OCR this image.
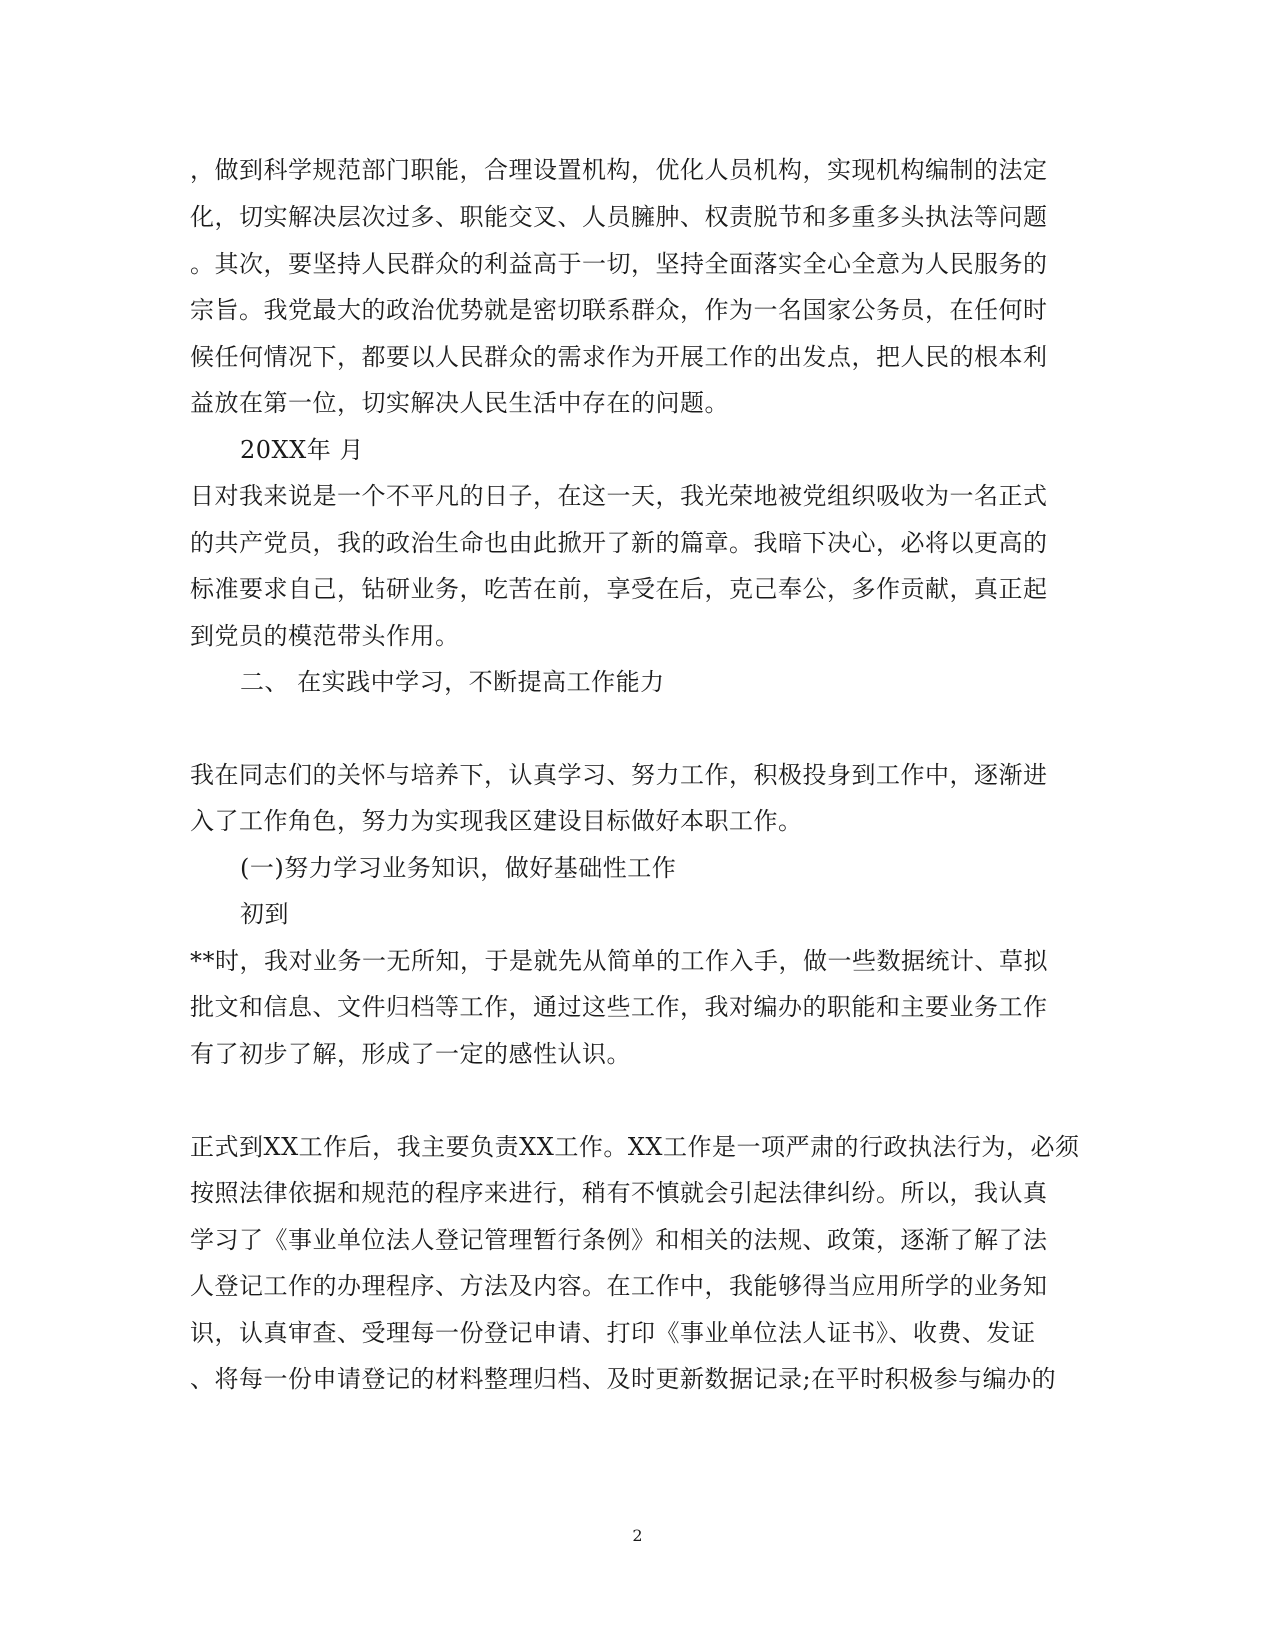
，做到科学规范部门职能，合理设置机构，优化人员机构，实现机构编制的法定
化，切实解决层次过多、职能交叉、人员臃肿、权责脱节和多重多头执法等问题
。其次，要坚持人民群众的利益高于一切，坚持全面落实全心全意为人民服务的
宗旨。我党最大的政治优势就是密切联系群众，作为一名国家公务员，在任何时
候任何情况下，都要以人民群众的需求作为开展工作的出发点，把人民的根本利
益放在第一位，切实解决人民生活中存在的问题。
20XX年 月
日对我来说是一个不平凡的日子，在这一天，我光荣地被党组织吸收为一名正式
的共产党员，我的政治生命也由此掀开了新的篇章。我暗下决心，必将以更高的
标准要求自己，钻研业务，吃苦在前，享受在后，克己奉公，多作贡献，真正起
到党员的模范带头作用。
二、 在实践中学习，不断提高工作能力
我在同志们的关怀与培养下，认真学习、努力工作，积极投身到工作中，逐渐进
入了工作角色，努力为实现我区建设目标做好本职工作。
(一)努力学习业务知识，做好基础性工作
初到
**时，我对业务一无所知，于是就先从简单的工作入手，做一些数据统计、草拟
批文和信息、文件归档等工作，通过这些工作，我对编办的职能和主要业务工作
有了初步了解，形成了一定的感性认识。
正式到XX工作后，我主要负责XX工作。XX工作是一项严肃的行政执法行为，必须
按照法律依据和规范的程序来进行，稍有不慎就会引起法律纠纷。所以，我认真
学习了《事业单位法人登记管理暂行条例》和相关的法规、政策，逐渐了解了法
人登记工作的办理程序、方法及内容。在工作中，我能够得当应用所学的业务知
识，认真审查、受理每一份登记申请、打印《事业单位法人证书》、收费、发证
、将每一份申请登记的材料整理归档、及时更新数据记录;在平时积极参与编办的
2
